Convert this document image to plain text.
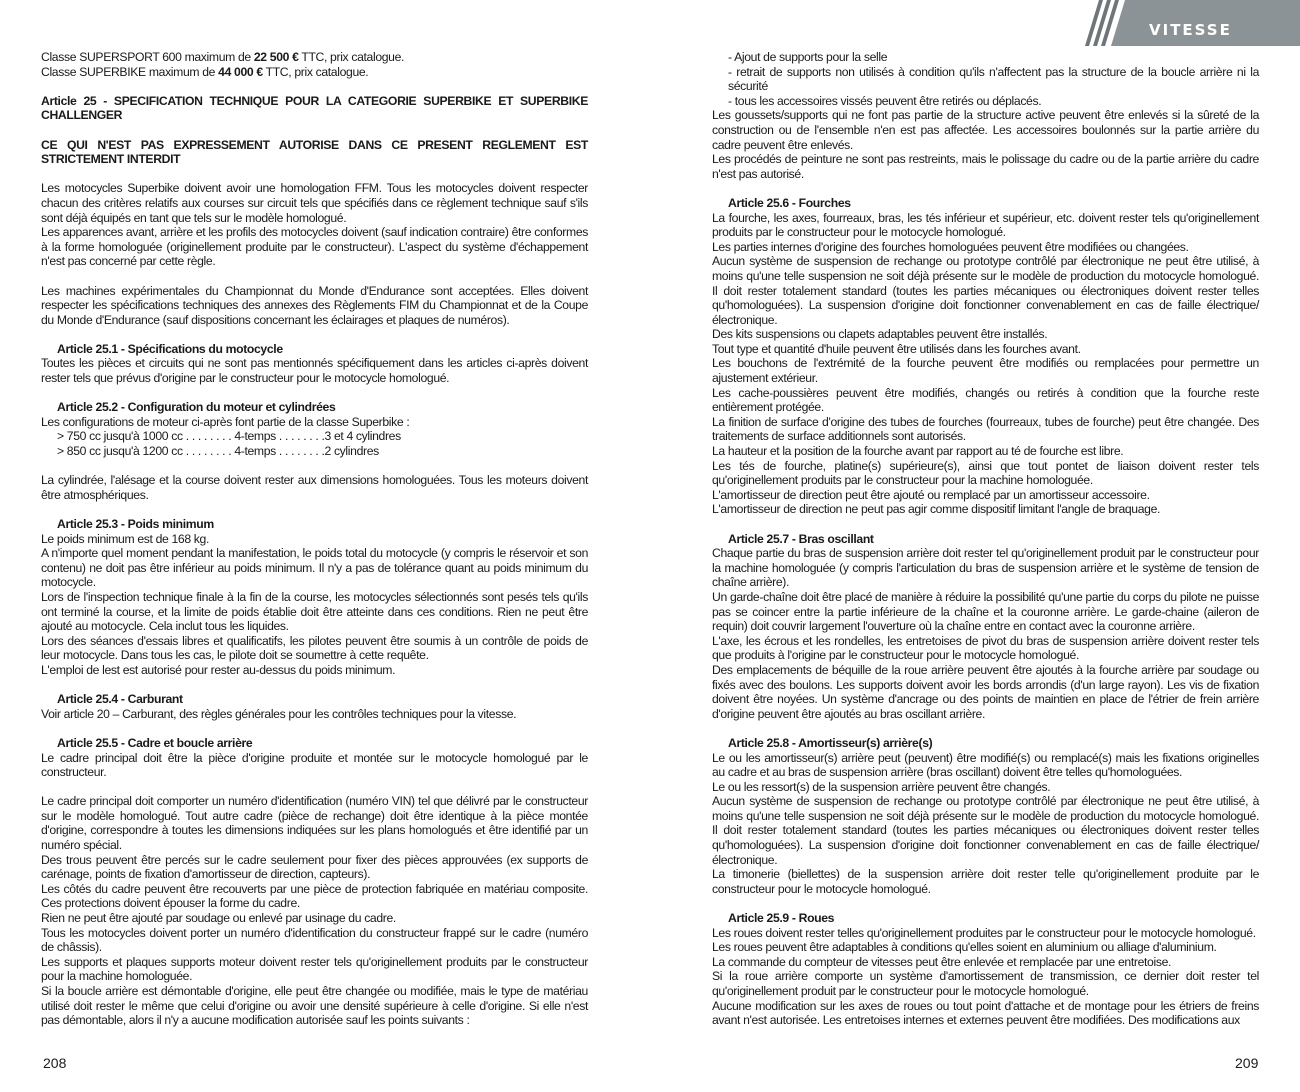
VITESSE

Classe SUPERSPORT 600 maximum de 22 500 € TTC, prix catalogue.
Classe SUPERBIKE maximum de 44 000 € TTC, prix catalogue.

Article 25 - SPECIFICATION TECHNIQUE POUR LA CATEGORIE SUPERBIKE ET SUPERBIKE CHALLENGER

CE QUI N'EST PAS EXPRESSEMENT AUTORISE DANS CE PRESENT REGLEMENT EST STRICTEMENT INTERDIT

Les motocycles Superbike doivent avoir une homologation FFM. Tous les motocycles doivent respecter chacun des critères relatifs aux courses sur circuit tels que spécifiés dans ce règlement technique sauf s'ils sont déjà équipés en tant que tels sur le modèle homologué.
Les apparences avant, arrière et les profils des motocycles doivent (sauf indication contraire) être conformes à la forme homologuée (originellement produite par le constructeur). L'aspect du système d'échappement n'est pas concerné par cette règle.

Les machines expérimentales du Championnat du Monde d'Endurance sont acceptées. Elles doivent respecter les spécifications techniques des annexes des Règlements FIM du Championnat et de la Coupe du Monde d'Endurance (sauf dispositions concernant les éclairages et plaques de numéros).

Article 25.1 - Spécifications du motocycle

Toutes les pièces et circuits qui ne sont pas mentionnés spécifiquement dans les articles ci-après doivent rester tels que prévus d'origine par le constructeur pour le motocycle homologué.

Article 25.2 - Configuration du moteur et cylindrées

Les configurations de moteur ci-après font partie de la classe Superbike :

> 750 cc jusqu'à 1000 cc . . . . . . . . 4-temps . . . . . . . .3 et 4 cylindres

> 850 cc jusqu'à 1200 cc . . . . . . . . 4-temps . . . . . . . .2 cylindres

La cylindrée, l'alésage et la course doivent rester aux dimensions homologuées. Tous les moteurs doivent être atmosphériques.

Article 25.3 - Poids minimum

Le poids minimum est de 168 kg.
A n'importe quel moment pendant la manifestation, le poids total du motocycle (y compris le réservoir et son contenu) ne doit pas être inférieur au poids minimum. Il n'y a pas de tolérance quant au poids minimum du motocycle.
Lors de l'inspection technique finale à la fin de la course, les motocycles sélectionnés sont pesés tels qu'ils ont terminé la course, et la limite de poids établie doit être atteinte dans ces conditions. Rien ne peut être ajouté au motocycle. Cela inclut tous les liquides.
Lors des séances d'essais libres et qualificatifs, les pilotes peuvent être soumis à un contrôle de poids de leur motocycle. Dans tous les cas, le pilote doit se soumettre à cette requête.
L'emploi de lest est autorisé pour rester au-dessus du poids minimum.

Article 25.4 - Carburant

Voir article 20 – Carburant, des règles générales pour les contrôles techniques pour la vitesse.

Article 25.5 - Cadre et boucle arrière

Le cadre principal doit être la pièce d'origine produite et montée sur le motocycle homologué par le constructeur.

Le cadre principal doit comporter un numéro d'identification (numéro VIN) tel que délivré par le constructeur sur le modèle homologué. Tout autre cadre (pièce de rechange) doit être identique à la pièce montée d'origine, correspondre à toutes les dimensions indiquées sur les plans homologués et être identifié par un numéro spécial.
Des trous peuvent être percés sur le cadre seulement pour fixer des pièces approuvées (ex supports de carénage, points de fixation d'amortisseur de direction, capteurs).
Les côtés du cadre peuvent être recouverts par une pièce de protection fabriquée en matériau composite. Ces protections doivent épouser la forme du cadre.
Rien ne peut être ajouté par soudage ou enlevé par usinage du cadre.
Tous les motocycles doivent porter un numéro d'identification du constructeur frappé sur le cadre (numéro de châssis).
Les supports et plaques supports moteur doivent rester tels qu'originellement produits par le constructeur pour la machine homologuée.
Si la boucle arrière est démontable d'origine, elle peut être changée ou modifiée, mais le type de matériau utilisé doit rester le même que celui d'origine ou avoir une densité supérieure à celle d'origine. Si elle n'est pas démontable, alors il n'y a aucune modification autorisée sauf les points suivants :

208

- Ajout de supports pour la selle

- retrait de supports non utilisés à condition qu'ils n'affectent pas la structure de la boucle arrière ni la sécurité

- tous les accessoires vissés peuvent être retirés ou déplacés.

Les goussets/supports qui ne font pas partie de la structure active peuvent être enlevés si la sûreté de la construction ou de l'ensemble n'en est pas affectée. Les accessoires boulonnés sur la partie arrière du cadre peuvent être enlevés.
Les procédés de peinture ne sont pas restreints, mais le polissage du cadre ou de la partie arrière du cadre n'est pas autorisé.

Article 25.6 - Fourches

La fourche, les axes, fourreaux, bras, les tés inférieur et supérieur, etc. doivent rester tels qu'originellement produits par le constructeur pour le motocycle homologué.
Les parties internes d'origine des fourches homologuées peuvent être modifiées ou changées.
Aucun système de suspension de rechange ou prototype contrôlé par électronique ne peut être utilisé, à moins qu'une telle suspension ne soit déjà présente sur le modèle de production du motocycle homologué. Il doit rester totalement standard (toutes les parties mécaniques ou électroniques doivent rester telles qu'homologuées). La suspension d'origine doit fonctionner convenablement en cas de faille électrique/électronique.
Des kits suspensions ou clapets adaptables peuvent être installés.
Tout type et quantité d'huile peuvent être utilisés dans les fourches avant.
Les bouchons de l'extrémité de la fourche peuvent être modifiés ou remplacées pour permettre un ajustement extérieur.
Les cache-poussières peuvent être modifiés, changés ou retirés à condition que la fourche reste entièrement protégée.
La finition de surface d'origine des tubes de fourches (fourreaux, tubes de fourche) peut être changée. Des traitements de surface additionnels sont autorisés.
La hauteur et la position de la fourche avant par rapport au té de fourche est libre.
Les tés de fourche, platine(s) supérieure(s), ainsi que tout pontet de liaison doivent rester tels qu'originellement produits par le constructeur pour la machine homologuée.
L'amortisseur de direction peut être ajouté ou remplacé par un amortisseur accessoire.
L'amortisseur de direction ne peut pas agir comme dispositif limitant l'angle de braquage.

Article 25.7 - Bras oscillant

Chaque partie du bras de suspension arrière doit rester tel qu'originellement produit par le constructeur pour la machine homologuée (y compris l'articulation du bras de suspension arrière et le système de tension de chaîne arrière).
Un garde-chaîne doit être placé de manière à réduire la possibilité qu'une partie du corps du pilote ne puisse pas se coincer entre la partie inférieure de la chaîne et la couronne arrière. Le garde-chaine (aileron de requin) doit couvrir largement l'ouverture où la chaîne entre en contact avec la couronne arrière.
L'axe, les écrous et les rondelles, les entretoises de pivot du bras de suspension arrière doivent rester tels que produits à l'origine par le constructeur pour le motocycle homologué.
Des emplacements de béquille de la roue arrière peuvent être ajoutés à la fourche arrière par soudage ou fixés avec des boulons. Les supports doivent avoir les bords arrondis (d'un large rayon). Les vis de fixation doivent être noyées. Un système d'ancrage ou des points de maintien en place de l'étrier de frein arrière d'origine peuvent être ajoutés au bras oscillant arrière.

Article 25.8 - Amortisseur(s) arrière(s)

Le ou les amortisseur(s) arrière peut (peuvent) être modifié(s) ou remplacé(s) mais les fixations originelles au cadre et au bras de suspension arrière (bras oscillant) doivent être telles qu'homologuées.
Le ou les ressort(s) de la suspension arrière peuvent être changés.
Aucun système de suspension de rechange ou prototype contrôlé par électronique ne peut être utilisé, à moins qu'une telle suspension ne soit déjà présente sur le modèle de production du motocycle homologué. Il doit rester totalement standard (toutes les parties mécaniques ou électroniques doivent rester telles qu'homologuées). La suspension d'origine doit fonctionner convenablement en cas de faille électrique/électronique.
La timonerie (biellettes) de la suspension arrière doit rester telle qu'originellement produite par le constructeur pour le motocycle homologué.

Article 25.9 - Roues

Les roues doivent rester telles qu'originellement produites par le constructeur pour le motocycle homologué.
Les roues peuvent être adaptables à conditions qu'elles soient en aluminium ou alliage d'aluminium.
La commande du compteur de vitesses peut être enlevée et remplacée par une entretoise.
Si la roue arrière comporte un système d'amortissement de transmission, ce dernier doit rester tel qu'originellement produit par le constructeur pour le motocycle homologué.
Aucune modification sur les axes de roues ou tout point d'attache et de montage pour les étriers de freins avant n'est autorisée. Les entretoises internes et externes peuvent être modifiées. Des modifications aux

209
